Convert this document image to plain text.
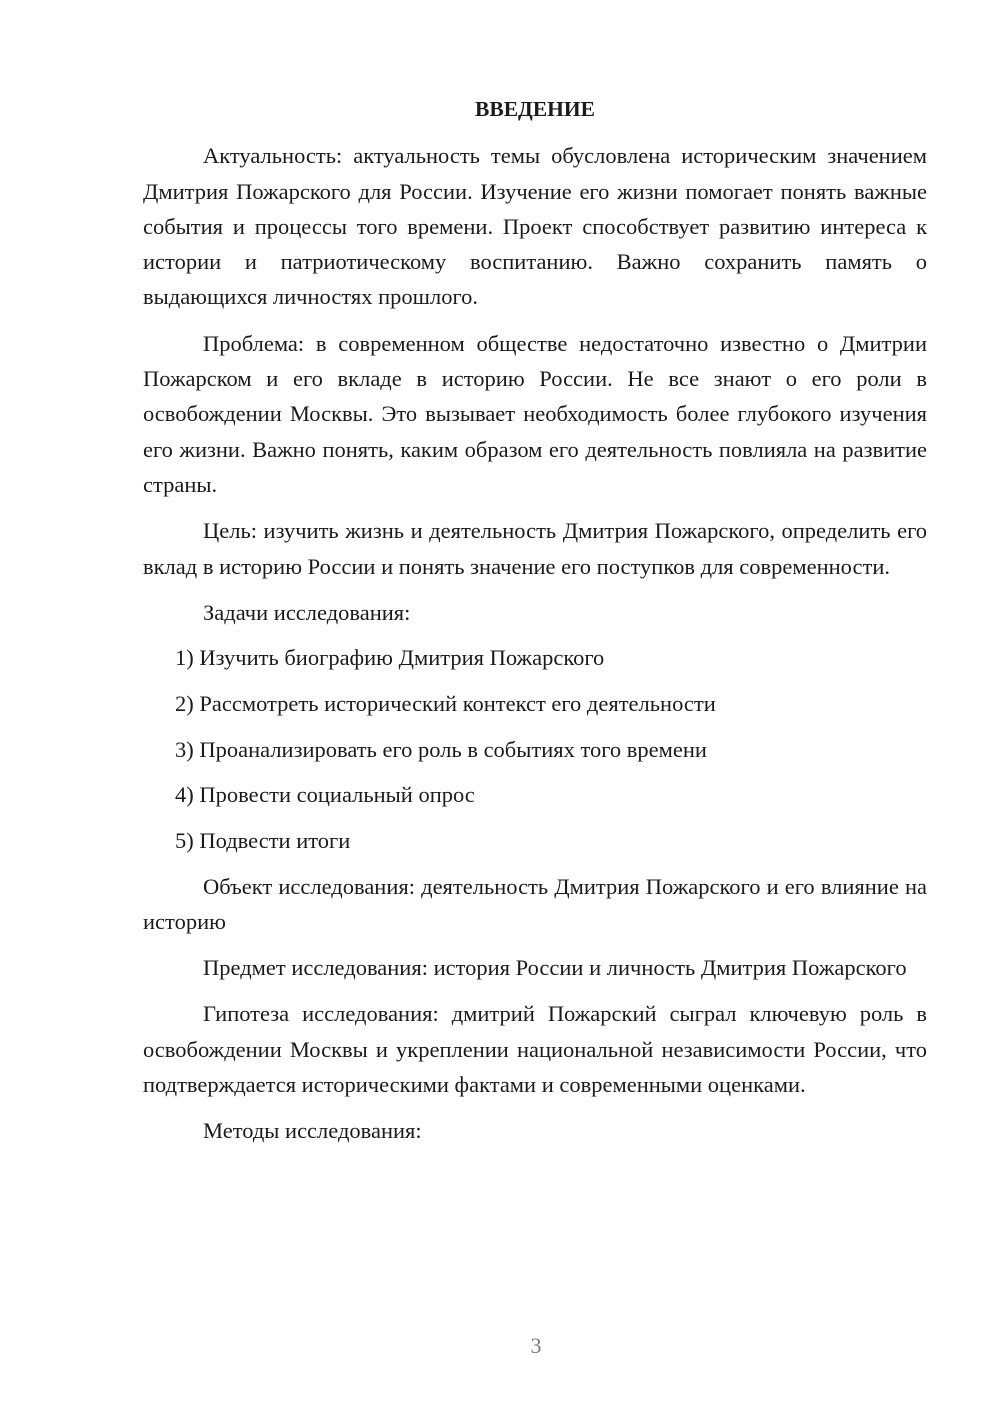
ВВЕДЕНИЕ

Актуальность: актуальность темы обусловлена историческим значением Дмитрия Пожарского для России. Изучение его жизни помогает понять важные события и процессы того времени. Проект способствует развитию интереса к истории и патриотическому воспитанию. Важно сохранить память о выдающихся личностях прошлого.

Проблема: в современном обществе недостаточно известно о Дмитрии Пожарском и его вкладе в историю России. Не все знают о его роли в освобождении Москвы. Это вызывает необходимость более глубокого изучения его жизни. Важно понять, каким образом его деятельность повлияла на развитие страны.

Цель: изучить жизнь и деятельность Дмитрия Пожарского, определить его вклад в историю России и понять значение его поступков для современности.

Задачи исследования:

1) Изучить биографию Дмитрия Пожарского
2) Рассмотреть исторический контекст его деятельности
3) Проанализировать его роль в событиях того времени
4) Провести социальный опрос
5) Подвести итоги

Объект исследования: деятельность Дмитрия Пожарского и его влияние на историю

Предмет исследования: история России и личность Дмитрия Пожарского

Гипотеза исследования: дмитрий Пожарский сыграл ключевую роль в освобождении Москвы и укреплении национальной независимости России, что подтверждается историческими фактами и современными оценками.

Методы исследования:

3
